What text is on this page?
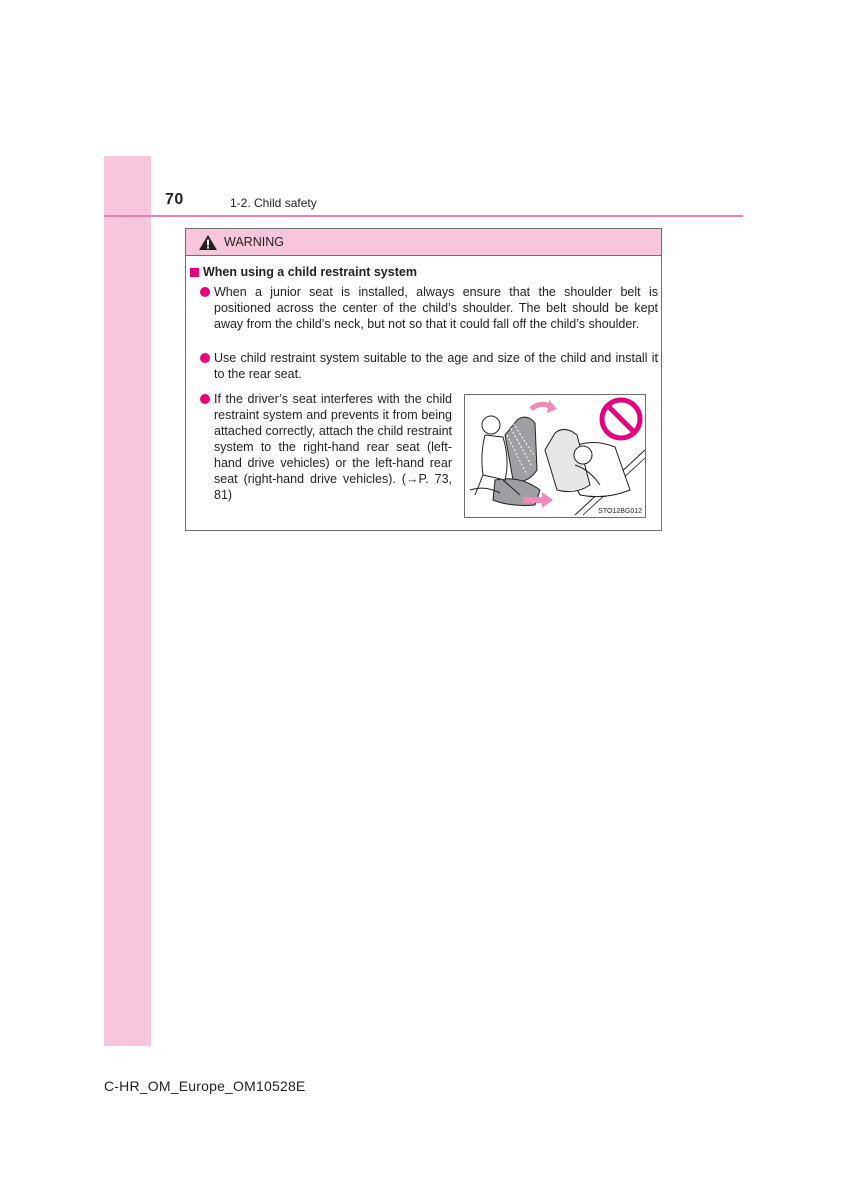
70	1-2. Child safety
WARNING
When using a child restraint system
When a junior seat is installed, always ensure that the shoulder belt is positioned across the center of the child’s shoulder. The belt should be kept away from the child’s neck, but not so that it could fall off the child’s shoulder.
Use child restraint system suitable to the age and size of the child and install it to the rear seat.
If the driver’s seat interferes with the child restraint system and prevents it from being attached correctly, attach the child restraint system to the right-hand rear seat (left-hand drive vehicles) or the left-hand rear seat (right-hand drive vehicles). (→P. 73, 81)
STO12BG012
C-HR_OM_Europe_OM10528E
